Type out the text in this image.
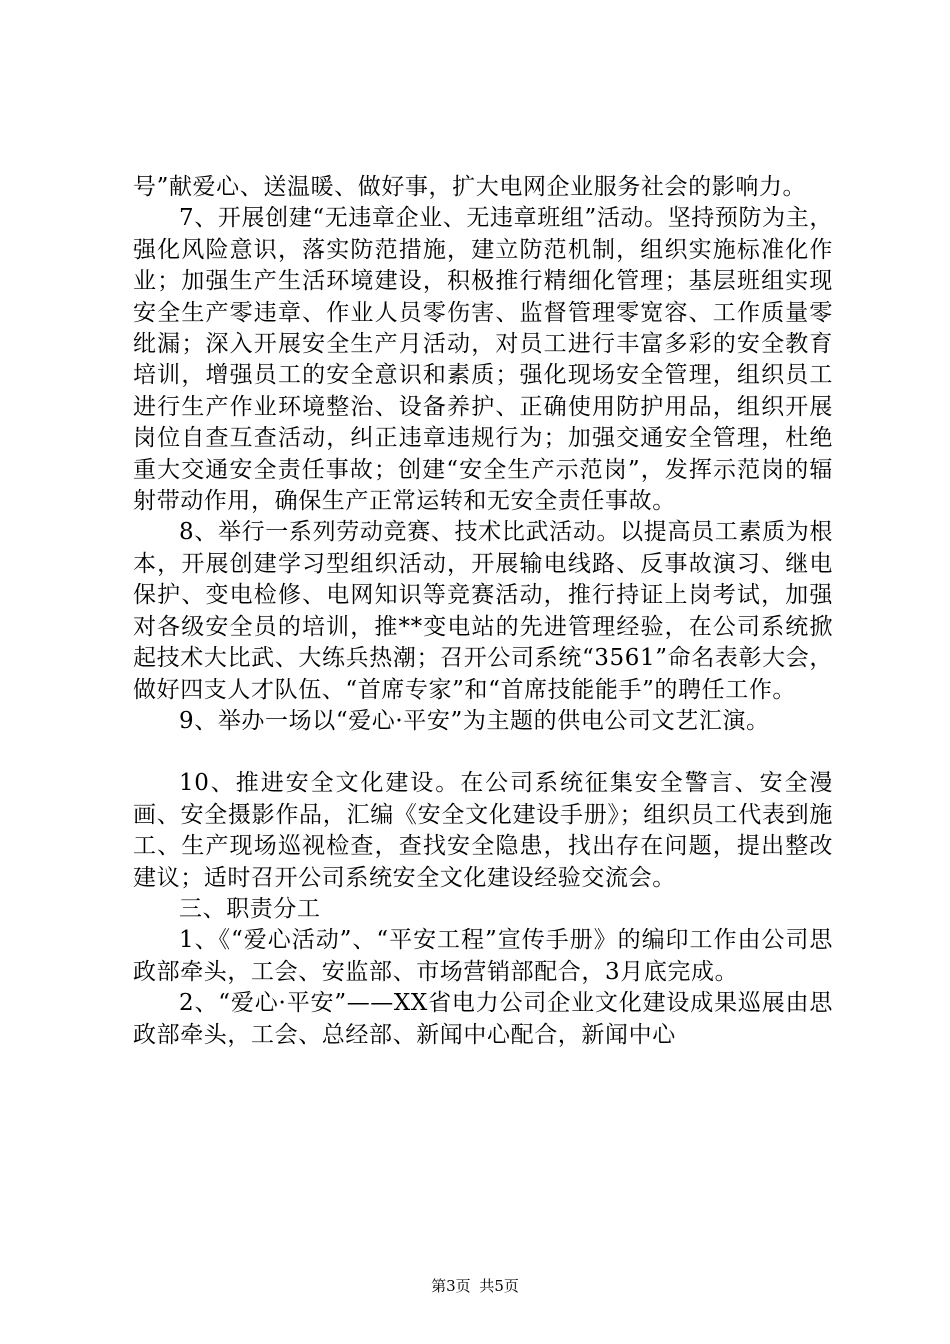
号”献爱心、送温暖、做好事，扩大电网企业服务社会的影响力。

7、开展创建“无违章企业、无违章班组”活动。坚持预防为主，强化风险意识，落实防范措施，建立防范机制，组织实施标准化作业；加强生产生活环境建设，积极推行精细化管理；基层班组实现安全生产零违章、作业人员零伤害、监督管理零宽容、工作质量零纰漏；深入开展安全生产月活动，对员工进行丰富多彩的安全教育培训，增强员工的安全意识和素质；强化现场安全管理，组织员工进行生产作业环境整治、设备养护、正确使用防护用品，组织开展岗位自查互查活动，纠正违章违规行为；加强交通安全管理，杜绝重大交通安全责任事故；创建“安全生产示范岗”，发挥示范岗的辐射带动作用，确保生产正常运转和无安全责任事故。

8、举行一系列劳动竞赛、技术比武活动。以提高员工素质为根本，开展创建学习型组织活动，开展输电线路、反事故演习、继电保护、变电检修、电网知识等竞赛活动，推行持证上岗考试，加强对各级安全员的培训，推**变电站的先进管理经验，在公司系统掀起技术大比武、大练兵热潮；召开公司系统“3561”命名表彰大会，做好四支人才队伍、“首席专家”和“首席技能能手”的聘任工作。

9、举办一场以“爱心·平安”为主题的供电公司文艺汇演。

10、推进安全文化建设。在公司系统征集安全警言、安全漫画、安全摄影作品，汇编《安全文化建设手册》；组织员工代表到施工、生产现场巡视检查，查找安全隐患，找出存在问题，提出整改建议；适时召开公司系统安全文化建设经验交流会。

三、职责分工

1、《“爱心活动”、“平安工程”宣传手册》的编印工作由公司思政部牵头，工会、安监部、市场营销部配合，3月底完成。

2、“爱心·平安”——XX省电力公司企业文化建设成果巡展由思政部牵头，工会、总经部、新闻中心配合，新闻中心

第3页 共5页
